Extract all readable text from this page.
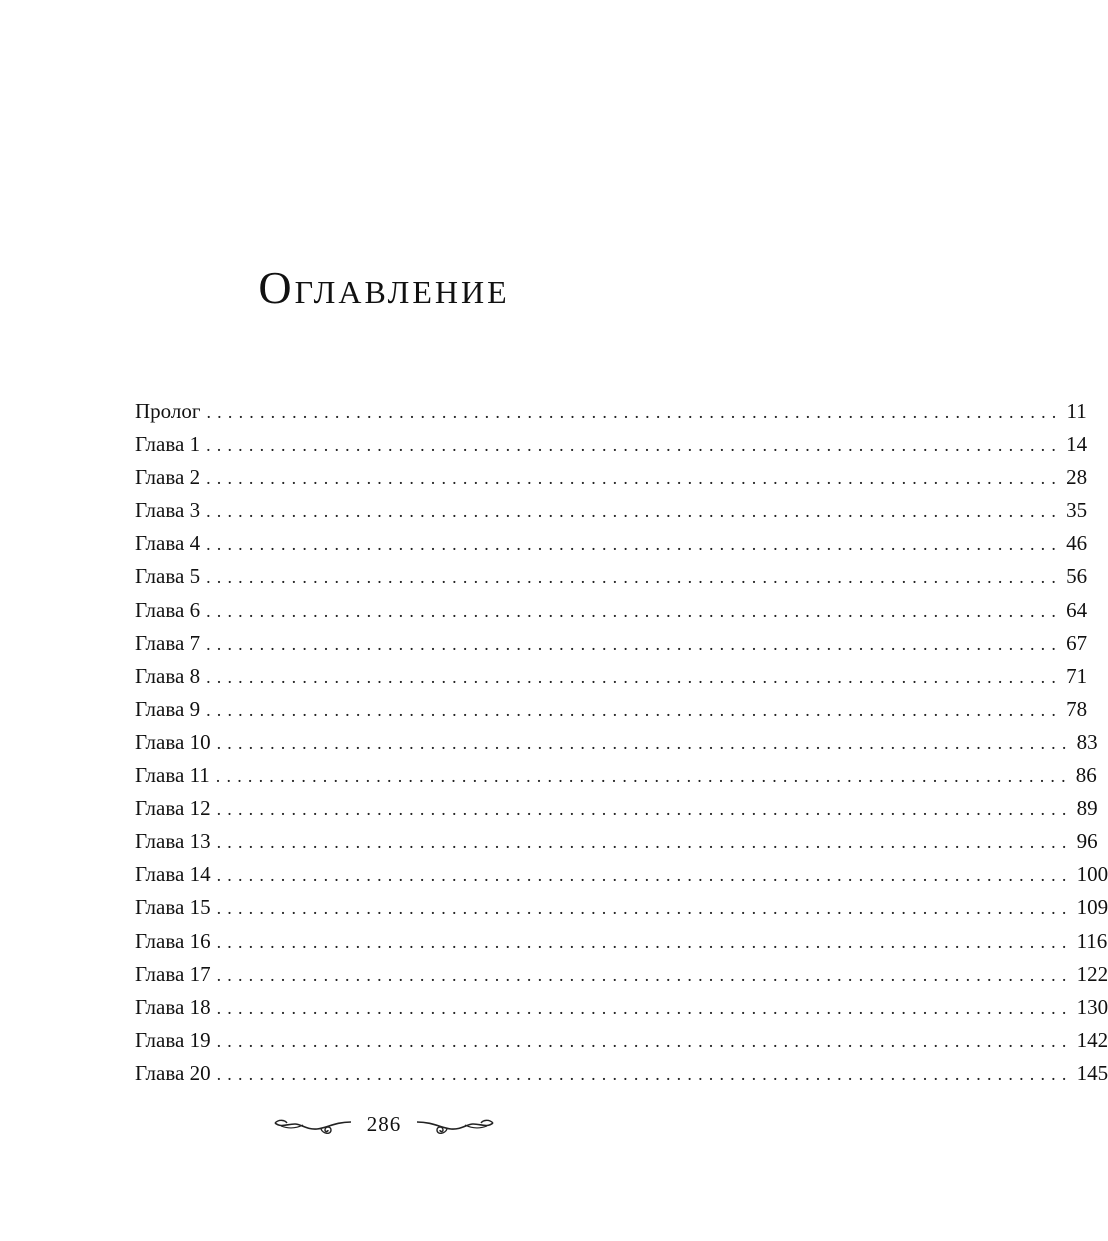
Оглавление
Пролог ................................................................................ 11
Глава 1 ................................................................................ 14
Глава 2 ................................................................................ 28
Глава 3 ................................................................................ 35
Глава 4 ................................................................................ 46
Глава 5 ................................................................................ 56
Глава 6 ................................................................................ 64
Глава 7 ................................................................................ 67
Глава 8 ................................................................................ 71
Глава 9 ................................................................................ 78
Глава 10 ................................................................................ 83
Глава 11 ................................................................................ 86
Глава 12 ................................................................................ 89
Глава 13 ................................................................................ 96
Глава 14 ................................................................................ 100
Глава 15 ................................................................................ 109
Глава 16 ................................................................................ 116
Глава 17 ................................................................................ 122
Глава 18 ................................................................................ 130
Глава 19 ................................................................................ 142
Глава 20 ................................................................................ 145
286
